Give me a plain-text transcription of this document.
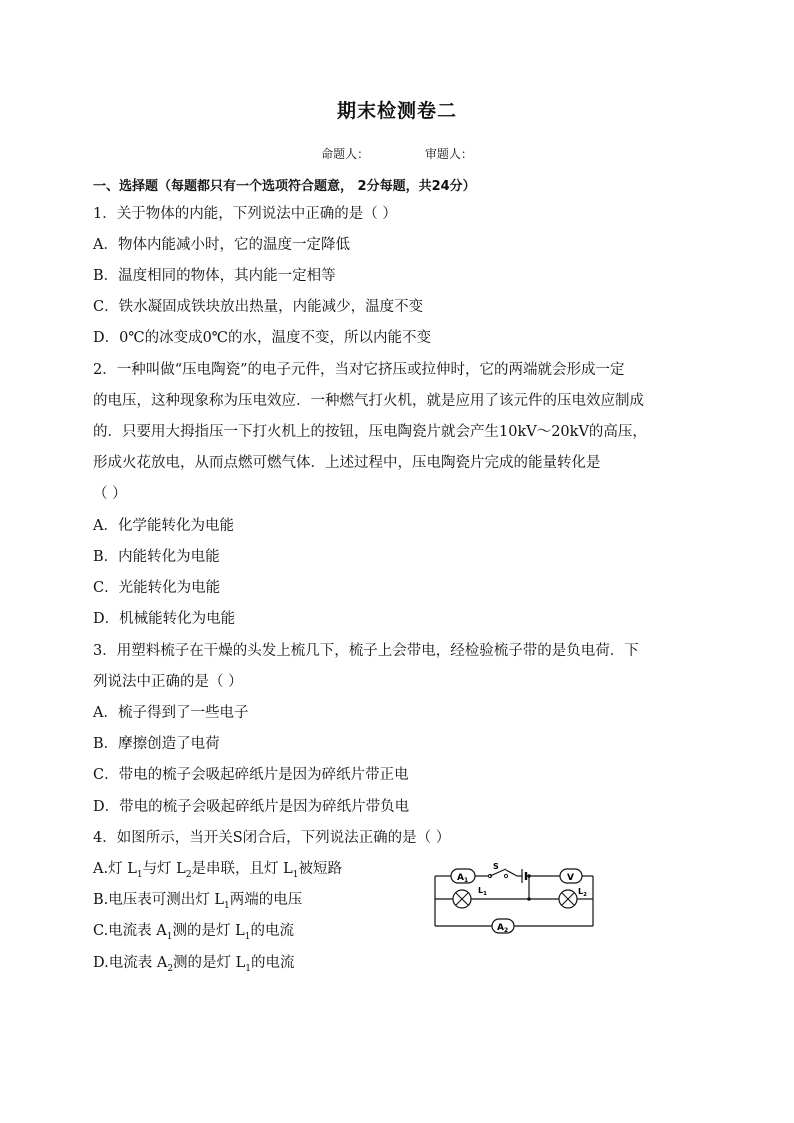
期末检测卷二
命题人：	审题人：
一、选择题（每题都只有一个选项符合题意， 2分每题，共24分）
1．关于物体的内能，下列说法中正确的是（ ）
A．物体内能减小时，它的温度一定降低
B．温度相同的物体，其内能一定相等
C．铁水凝固成铁块放出热量，内能减少，温度不变
D．0℃的冰变成0℃的水，温度不变，所以内能不变
2．一种叫做“压电陶瓷”的电子元件，当对它挤压或拉伸时，它的两端就会形成一定
的电压，这种现象称为压电效应．一种燃气打火机，就是应用了该元件的压电效应制成
的．只要用大拇指压一下打火机上的按钮，压电陶瓷片就会产生10kV～20kV的高压，
形成火花放电，从而点燃可燃气体．上述过程中，压电陶瓷片完成的能量转化是
（ ）
A．化学能转化为电能
B．内能转化为电能
C．光能转化为电能
D．机械能转化为电能
3．用塑料梳子在干燥的头发上梳几下，梳子上会带电，经检验梳子带的是负电荷．下
列说法中正确的是（ ）
A．梳子得到了一些电子
B．摩擦创造了电荷
C．带电的梳子会吸起碎纸片是因为碎纸片带正电
D．带电的梳子会吸起碎纸片是因为碎纸片带负电
4．如图所示，当开关S闭合后，下列说法正确的是（ ）
A.灯 $L_1$与灯 $L_2$是串联，且灯 $L_1$被短路
B.电压表可测出灯 $L_1$两端的电压
C.电流表 $A_1$测的是灯 $L_1$的电流
D.电流表 $A_2$测的是灯 $L_1$的电流
S
$A_1$	V
$L_1$	$L_2$
$A_2$
